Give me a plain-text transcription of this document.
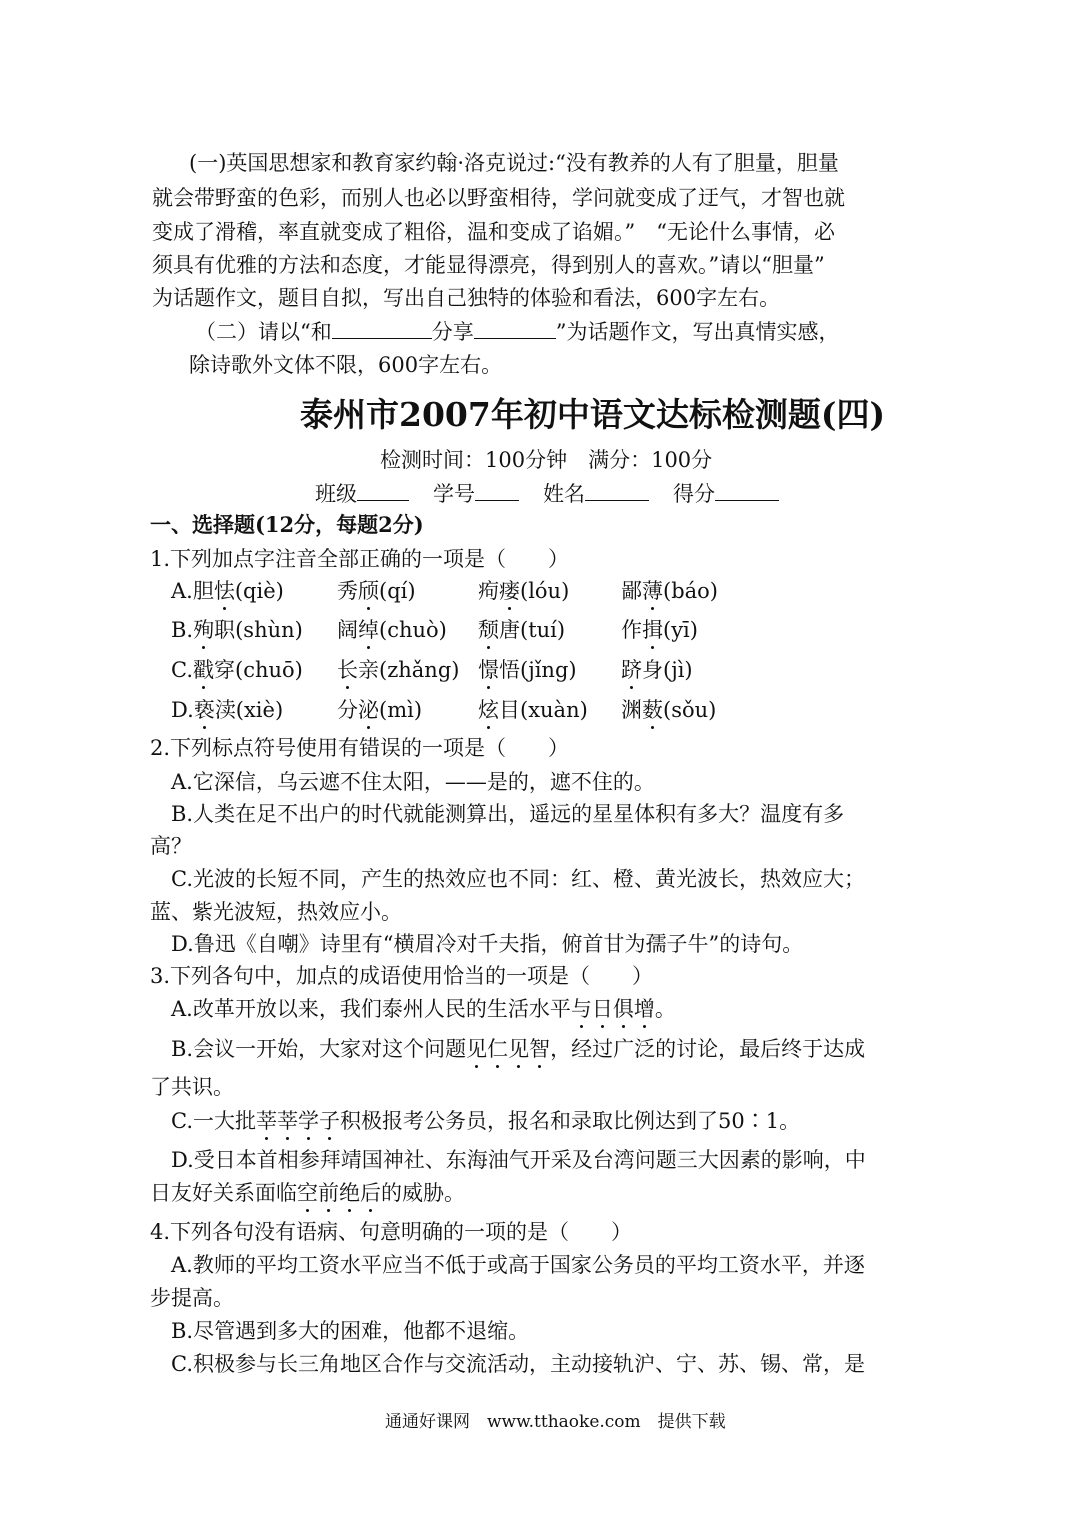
(一)英国思想家和教育家约翰·洛克说过:“没有教养的人有了胆量，胆量
就会带野蛮的色彩，而别人也必以野蛮相待，学问就变成了迂气，才智也就
变成了滑稽，率直就变成了粗俗，温和变成了谄媚。”　“无论什么事情，必
须具有优雅的方法和态度，才能显得漂亮，得到别人的喜欢。”请以“胆量”
为话题作文，题目自拟，写出自己独特的体验和看法，600字左右。
（二）请以“和	分享	”为话题作文，写出真情实感，
除诗歌外文体不限，600字左右。
泰州市2007年初中语文达标检测题(四)
检测时间：100分钟　满分：100分
班级	学号	姓名	得分
一、选择题(12分，每题2分)
1.下列加点字注音全部正确的一项是（　　）
A.胆怯(qiè)	秀颀(qí)	痀瘘(lóu) 鄙薄(báo)
B.殉职(shùn) 阔绰(chuò) 颓唐(tuí)	作揖(yī)
C.戳穿(chuō) 长亲(zhǎng) 憬悟(jǐng) 跻身(jì)
D.亵渎(xiè)	分泌(mì)	炫目(xuàn) 渊薮(sǒu)
2.下列标点符号使用有错误的一项是（　　）
A.它深信，乌云遮不住太阳，——是的，遮不住的。
B.人类在足不出户的时代就能测算出，遥远的星星体积有多大？温度有多
高？
C.光波的长短不同，产生的热效应也不同：红、橙、黄光波长，热效应大；
蓝、紫光波短，热效应小。
D.鲁迅《自嘲》诗里有“横眉冷对千夫指，俯首甘为孺子牛”的诗句。
3.下列各句中，加点的成语使用恰当的一项是（　　）
A.改革开放以来，我们泰州人民的生活水平与日俱增。
B.会议一开始，大家对这个问题见仁见智，经过广泛的讨论，最后终于达成
了共识。
C.一大批莘莘学子积极报考公务员，报名和录取比例达到了50∶1。
D.受日本首相参拜靖国神社、东海油气开采及台湾问题三大因素的影响，中
日友好关系面临空前绝后的威胁。
4.下列各句没有语病、句意明确的一项的是（　　）
A.教师的平均工资水平应当不低于或高于国家公务员的平均工资水平，并逐
步提高。
B.尽管遇到多大的困难，他都不退缩。
C.积极参与长三角地区合作与交流活动，主动接轨沪、宁、苏、锡、常，是
通通好课网　www.tthaoke.com　提供下载
